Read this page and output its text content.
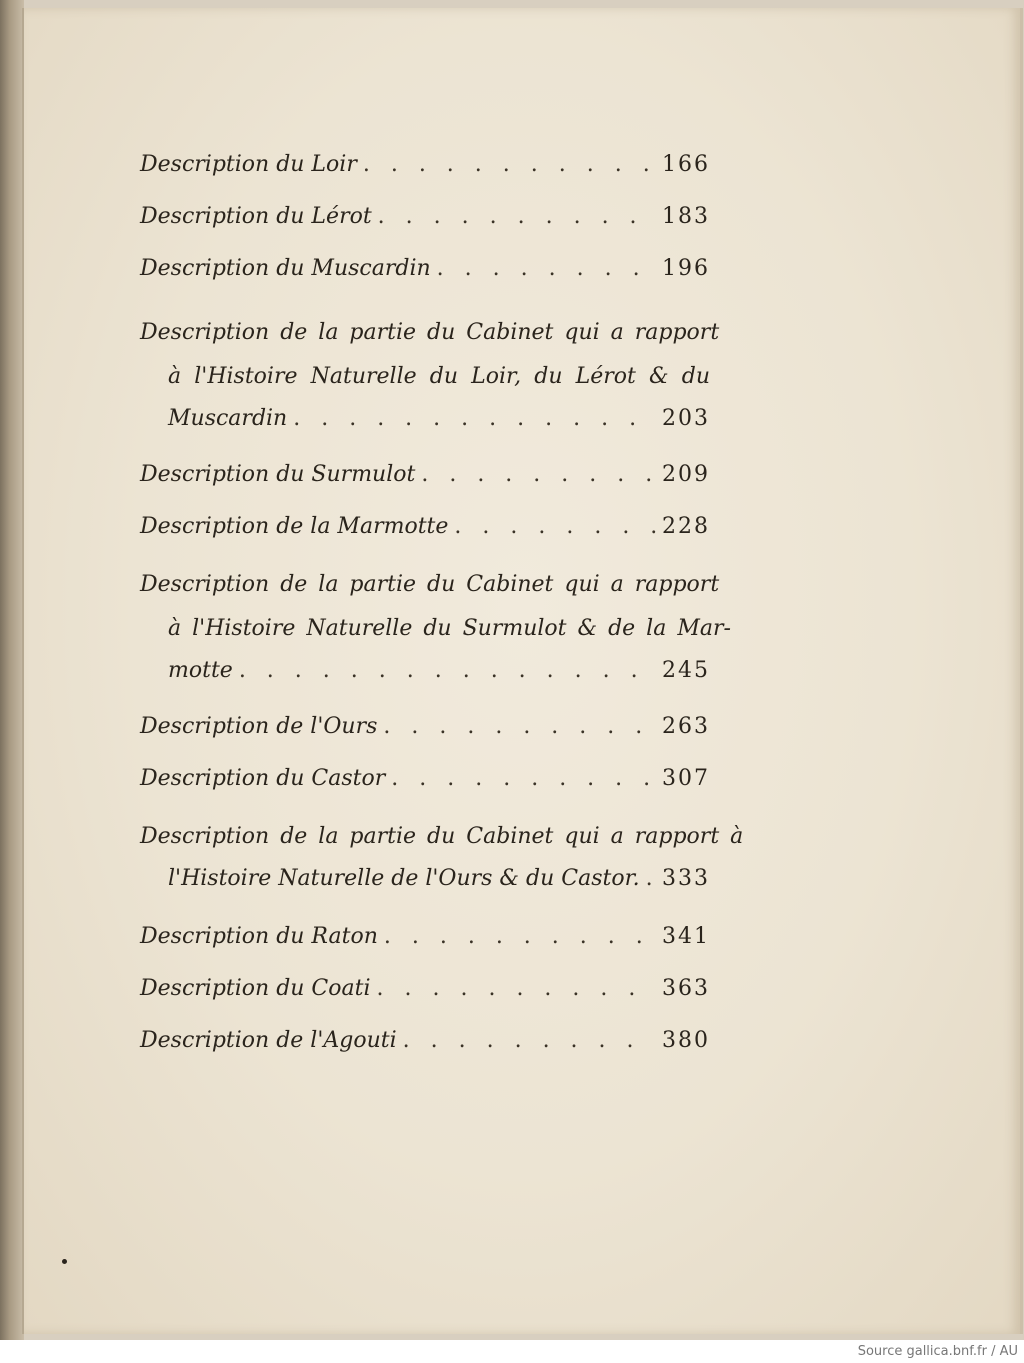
Description du Loir . . .	166
Description du Lérot . . .	183
Description du Muscardin . . .	196
Description de la partie du Cabinet qui a rapport
à l'Histoire Naturelle du Loir, du Lérot & du
Muscardin . . .	203
Description du Surmulot . . .	209
Description de la Marmotte . . .	228
Description de la partie du Cabinet qui a rapport
à l'Histoire Naturelle du Surmulot & de la Mar-
motte . . .	245
Description de l'Ours . . .	263
Description du Castor . . .	307
Description de la partie du Cabinet qui a rapport à
l'Histoire Naturelle de l'Ours & du Castor. . . . 333
Description du Raton . . .	341
Description du Coati . . .	363
Description de l'Agouti . . .	380
Source gallica.bnf.fr / AU
